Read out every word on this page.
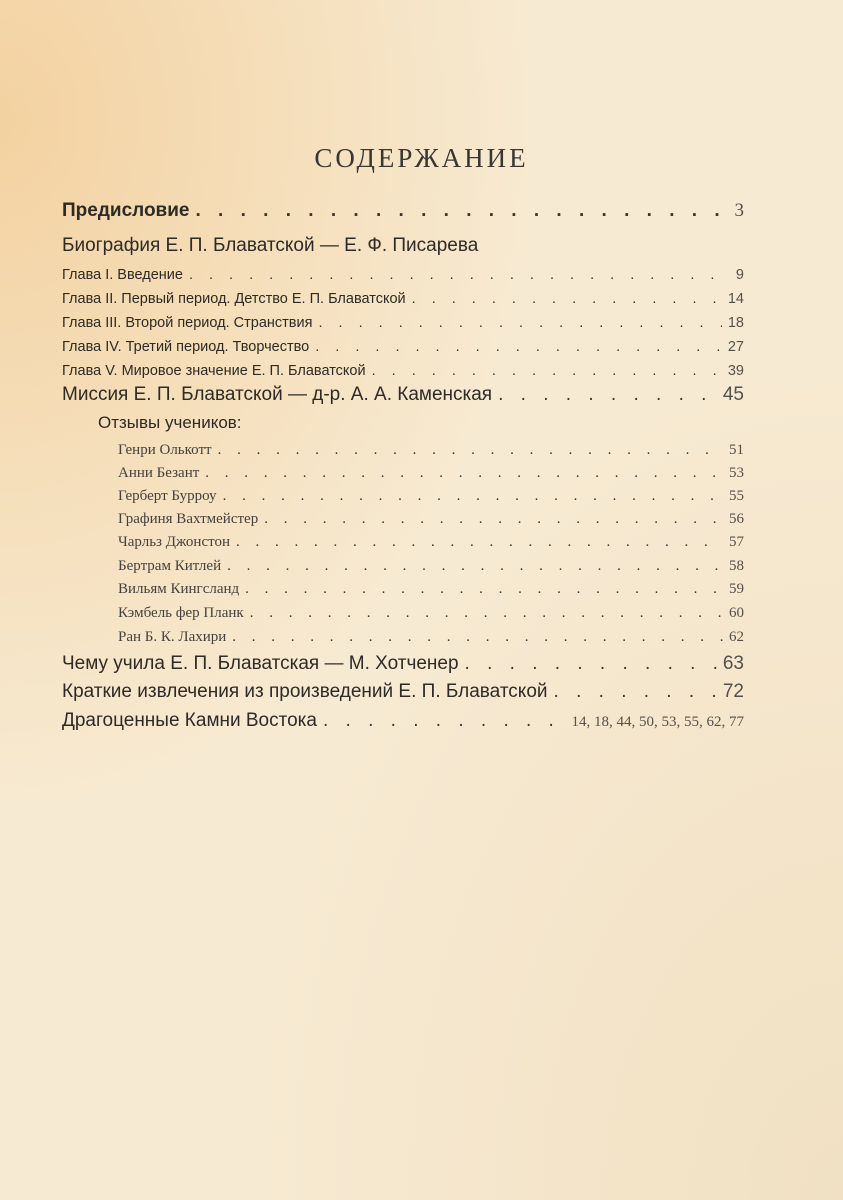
СОДЕРЖАНИЕ
Предисловие . . .	3
Биография Е. П. Блаватской — Е. Ф. Писарева
Глава I. Введение . . .	9
Глава II. Первый период. Детство Е. П. Блаватской . . .	14
Глава III. Второй период. Странствия . . .	18
Глава IV. Третий период. Творчество . . .	27
Глава V. Мировое значение Е. П. Блаватской . . .	39
Миссия Е. П. Блаватской — д-р. А. А. Каменская . . .	45
Отзывы учеников:
Генри Олькотт . . .	51
Анни Безант . . .	53
Герберт Бурроу . . .	55
Графиня Вахтмейстер . . .	56
Чарльз Джонстон . . .	57
Бертрам Китлей . . .	58
Вильям Кингсланд . . .	59
Кэмбель фер Планк . . .	60
Ран Б. К. Лахири . . .	62
Чему учила Е. П. Блаватская — М. Хотченер . . .	63
Краткие извлечения из произведений Е. П. Блаватской . . .	72
Драгоценные Камни Востока . . .	14, 18, 44, 50, 53, 55, 62, 77
